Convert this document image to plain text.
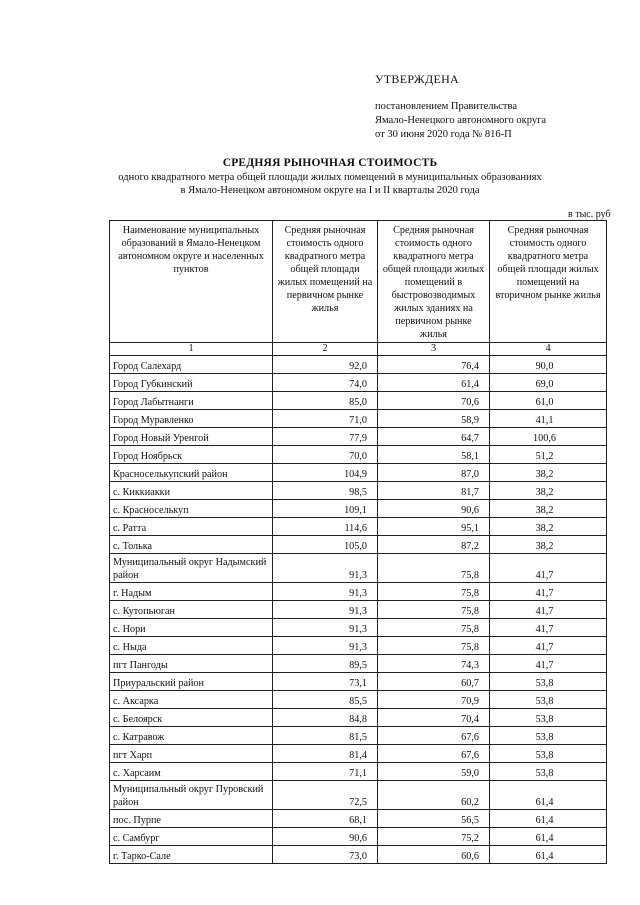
УТВЕРЖДЕНА
постановлением Правительства
Ямало-Ненецкого автономного округа
от 30 июня 2020 года № 816-П
СРЕДНЯЯ РЫНОЧНАЯ СТОИМОСТЬ
одного квадратного метра общей площади жилых помещений в муниципальных образованиях
в Ямало-Ненецком автономном округе на I и II кварталы 2020 года
в тыс. руб
Наименование муниципальных образований в Ямало-Ненецком автономном округе и населенных пунктов	Средняя рыночная стоимость одного квадратного метра общей площади жилых помещений на первичном рынке жилья	Средняя рыночная стоимость одного квадратного метра общей площади жилых помещений в быстровозводимых жилых зданиях на первичном рынке жилья	Средняя рыночная стоимость одного квадратного метра общей площади жилых помещений на вторичном рынке жилья
1	2	3	4
Город Салехард	92,0	76,4	90,0
Город Губкинский	74,0	61,4	69,0
Город Лабытнанги	85,0	70,6	61,0
Город Муравленко	71,0	58,9	41,1
Город Новый Уренгой	77,9	64,7	100,6
Город Ноябрьск	70,0	58,1	51,2
Красноселькупский район	104,9	87,0	38,2
с. Киккиакки	98,5	81,7	38,2
с. Красноселькуп	109,1	90,6	38,2
с. Ратта	114,6	95,1	38,2
с. Толька	105,0	87,2	38,2
Муниципальный округ Надымский район	91,3	75,8	41,7
г. Надым	91,3	75,8	41,7
с. Кутопьюган	91,3	75,8	41,7
с. Нори	91,3	75,8	41,7
с. Ныда	91,3	75,8	41,7
пгт Пангоды	89,5	74,3	41,7
Приуральский район	73,1	60,7	53,8
с. Аксарка	85,5	70,9	53,8
с. Белоярск	84,8	70,4	53,8
с. Катравож	81,5	67,6	53,8
пгт Харп	81,4	67,6	53,8
с. Харсаим	71,1	59,0	53,8
Муниципальный округ Пуровский район	72,5	60,2	61,4
пос. Пурпе	68,1	56,5	61,4
с. Самбург	90,6	75,2	61,4
г. Тарко-Сале	73,0	60,6	61,4
